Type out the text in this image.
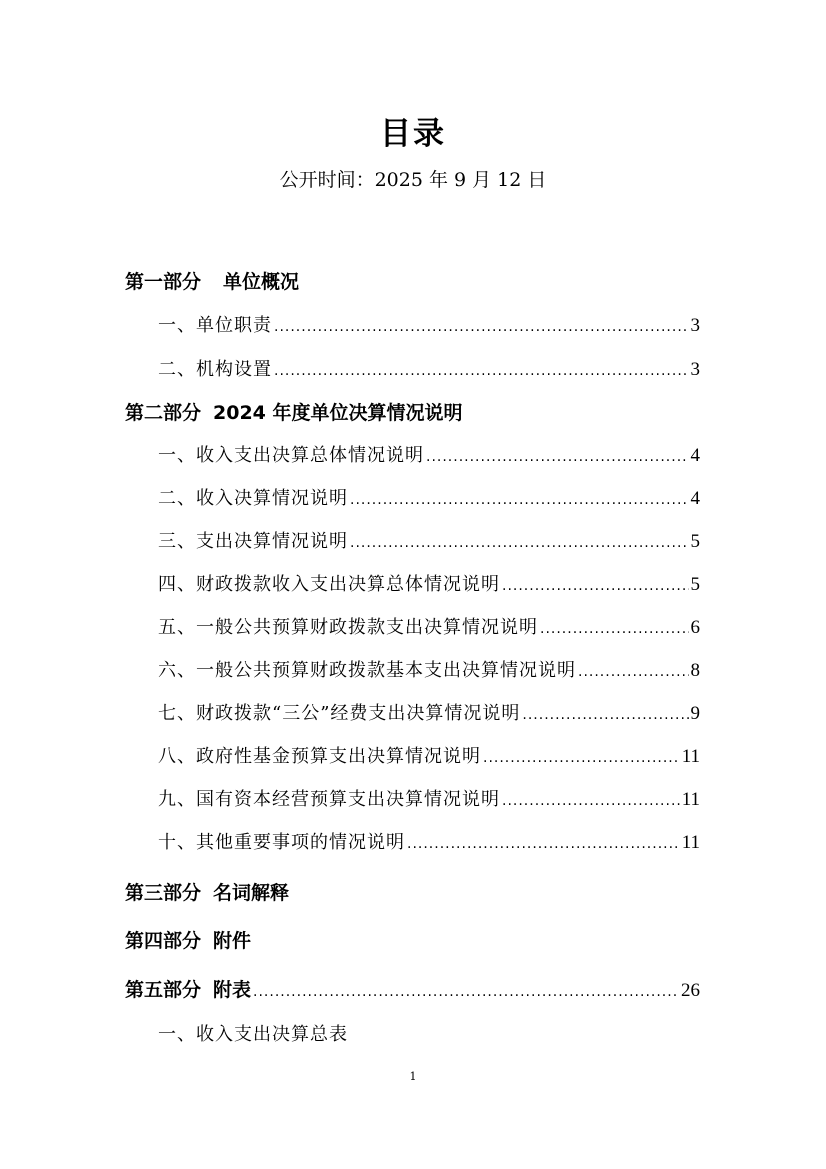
目录
公开时间：2025 年 9 月 12 日
第一部分 单位概况
一、单位职责 .....	3
二、机构设置 .....	3
第二部分 2024 年度单位决算情况说明
一、收入支出决算总体情况说明 .....	4
二、收入决算情况说明 .....	4
三、支出决算情况说明 .....	5
四、财政拨款收入支出决算总体情况说明 .....	5
五、一般公共预算财政拨款支出决算情况说明 .....	6
六、一般公共预算财政拨款基本支出决算情况说明 .....	8
七、财政拨款“三公”经费支出决算情况说明 .....	9
八、政府性基金预算支出决算情况说明 .....	11
九、国有资本经营预算支出决算情况说明 .....	11
十、其他重要事项的情况说明 .....	11
第三部分 名词解释
第四部分 附件
第五部分 附表 .....	26
一、收入支出决算总表
1
